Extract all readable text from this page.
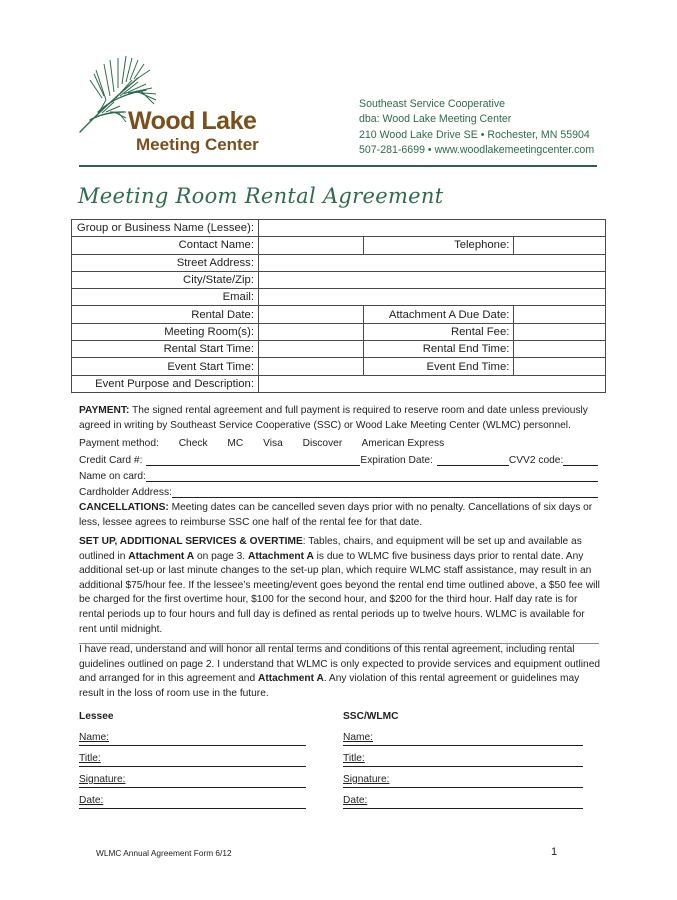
Wood Lake
Meeting Center
Southeast Service Cooperative
dba: Wood Lake Meeting Center
210 Wood Lake Drive SE • Rochester, MN 55904
507-281-6699 • www.woodlakemeetingcenter.com
Meeting Room Rental Agreement
Group or Business Name (Lessee):			
Contact Name:		Telephone:	
Street Address:			
City/State/Zip:			
Email:			
Rental Date:		Attachment A Due Date:	
Meeting Room(s):		Rental Fee:	
Rental Start Time:		Rental End Time:	
Event Start Time:		Event End Time:	
Event Purpose and Description:			
PAYMENT: The signed rental agreement and full payment is required to reserve room and date unless previously agreed in writing by Southeast Service Cooperative (SSC) or Wood Lake Meeting Center (WLMC) personnel.
Payment method: Check MC Visa Discover American Express
Credit Card #:	Expiration Date:	CVV2 code:
Name on card:
Cardholder Address:
CANCELLATIONS: Meeting dates can be cancelled seven days prior with no penalty. Cancellations of six days or less, lessee agrees to reimburse SSC one half of the rental fee for that date.
SET UP, ADDITIONAL SERVICES & OVERTIME: Tables, chairs, and equipment will be set up and available as outlined in Attachment A on page 3. Attachment A is due to WLMC five business days prior to rental date. Any additional set-up or last minute changes to the set-up plan, which require WLMC staff assistance, may result in an additional $75/hour fee. If the lessee’s meeting/event goes beyond the rental end time outlined above, a $50 fee will be charged for the first overtime hour, $100 for the second hour, and $200 for the third hour. Half day rate is for rental periods up to four hours and full day is defined as rental periods up to twelve hours. WLMC is available for rent until midnight.
I have read, understand and will honor all rental terms and conditions of this rental agreement, including rental guidelines outlined on page 2. I understand that WLMC is only expected to provide services and equipment outlined and arranged for in this agreement and Attachment A. Any violation of this rental agreement or guidelines may result in the loss of room use in the future.
Lessee
Name:
Title:
Signature:
Date:
SSC/WLMC
Name:
Title:
Signature:
Date:
WLMC Annual Agreement Form 6/12	1
